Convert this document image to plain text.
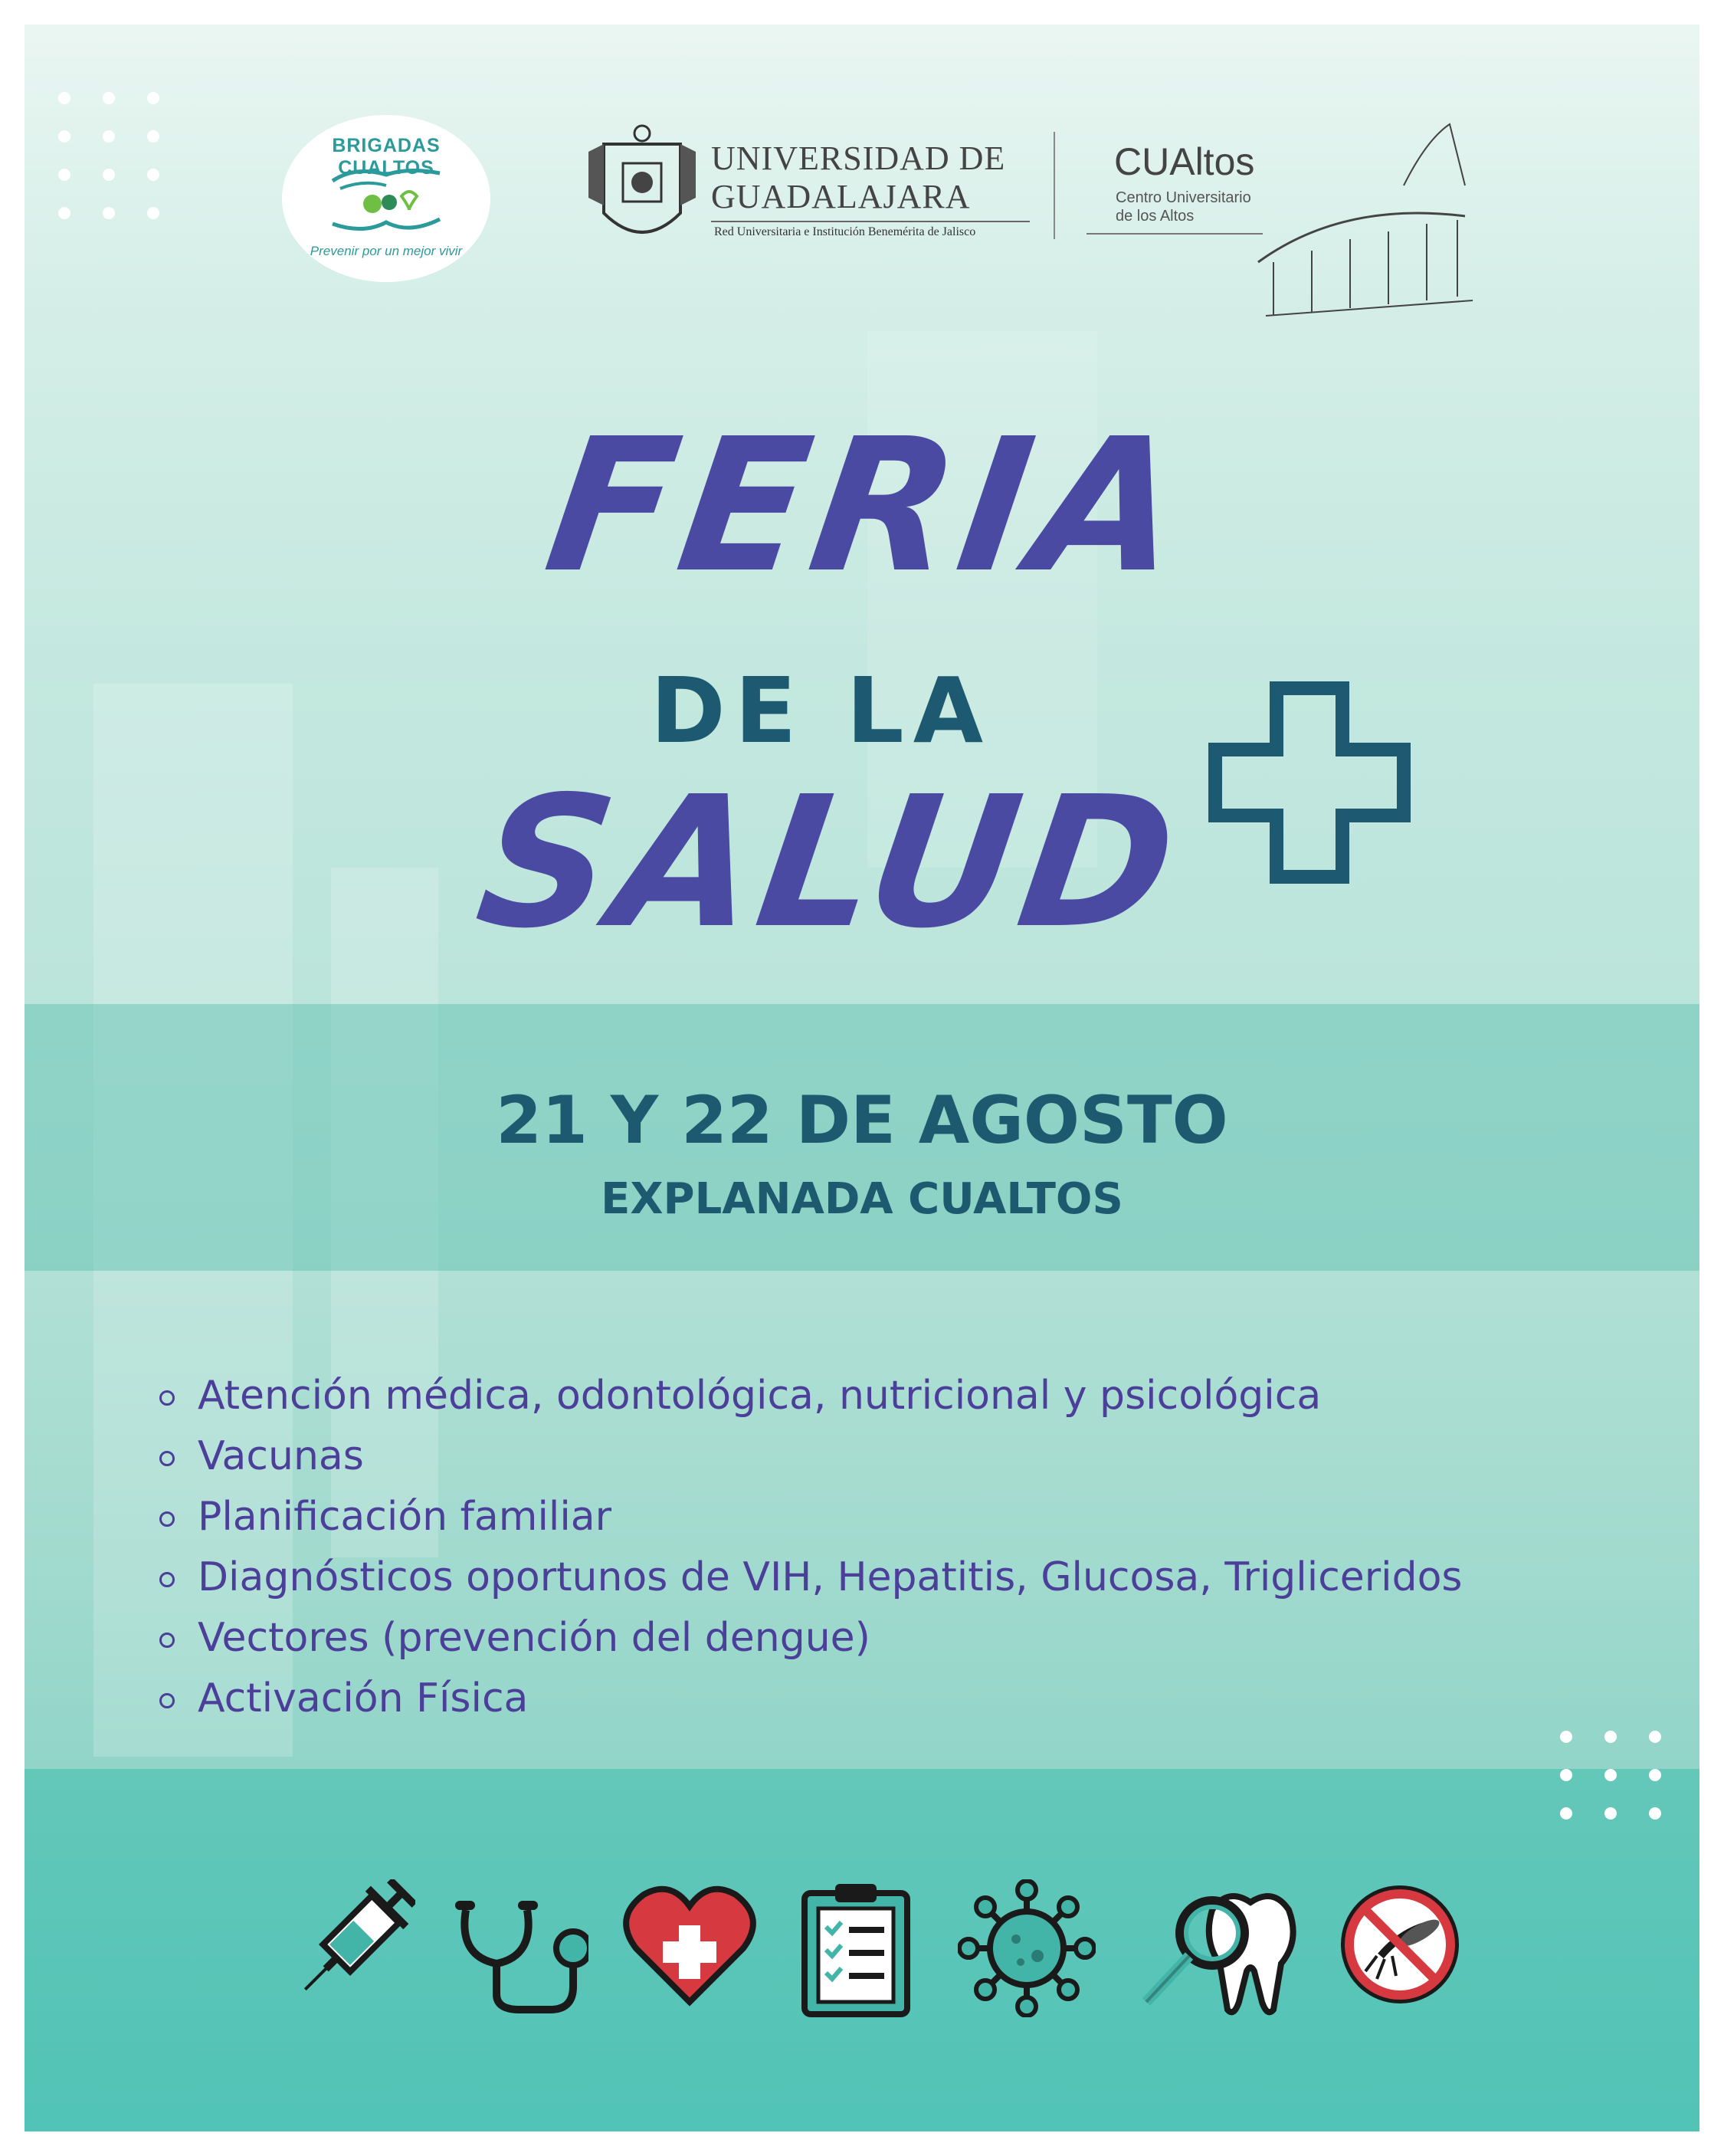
BRIGADAS CUALTOS
Prevenir por un mejor vivir
UNIVERSIDAD DE
GUADALAJARA
Red Universitaria e Institución Benemérita de Jalisco
CUAltos
Centro Universitario
de los Altos
FERIA
DE LA
SALUD
21 Y 22 DE AGOSTO
EXPLANADA CUALTOS
Atención médica, odontológica, nutricional y psicológica
Vacunas
Planificación familiar
Diagnósticos oportunos de VIH, Hepatitis, Glucosa, Trigliceridos
Vectores (prevención del dengue)
Activación Física
